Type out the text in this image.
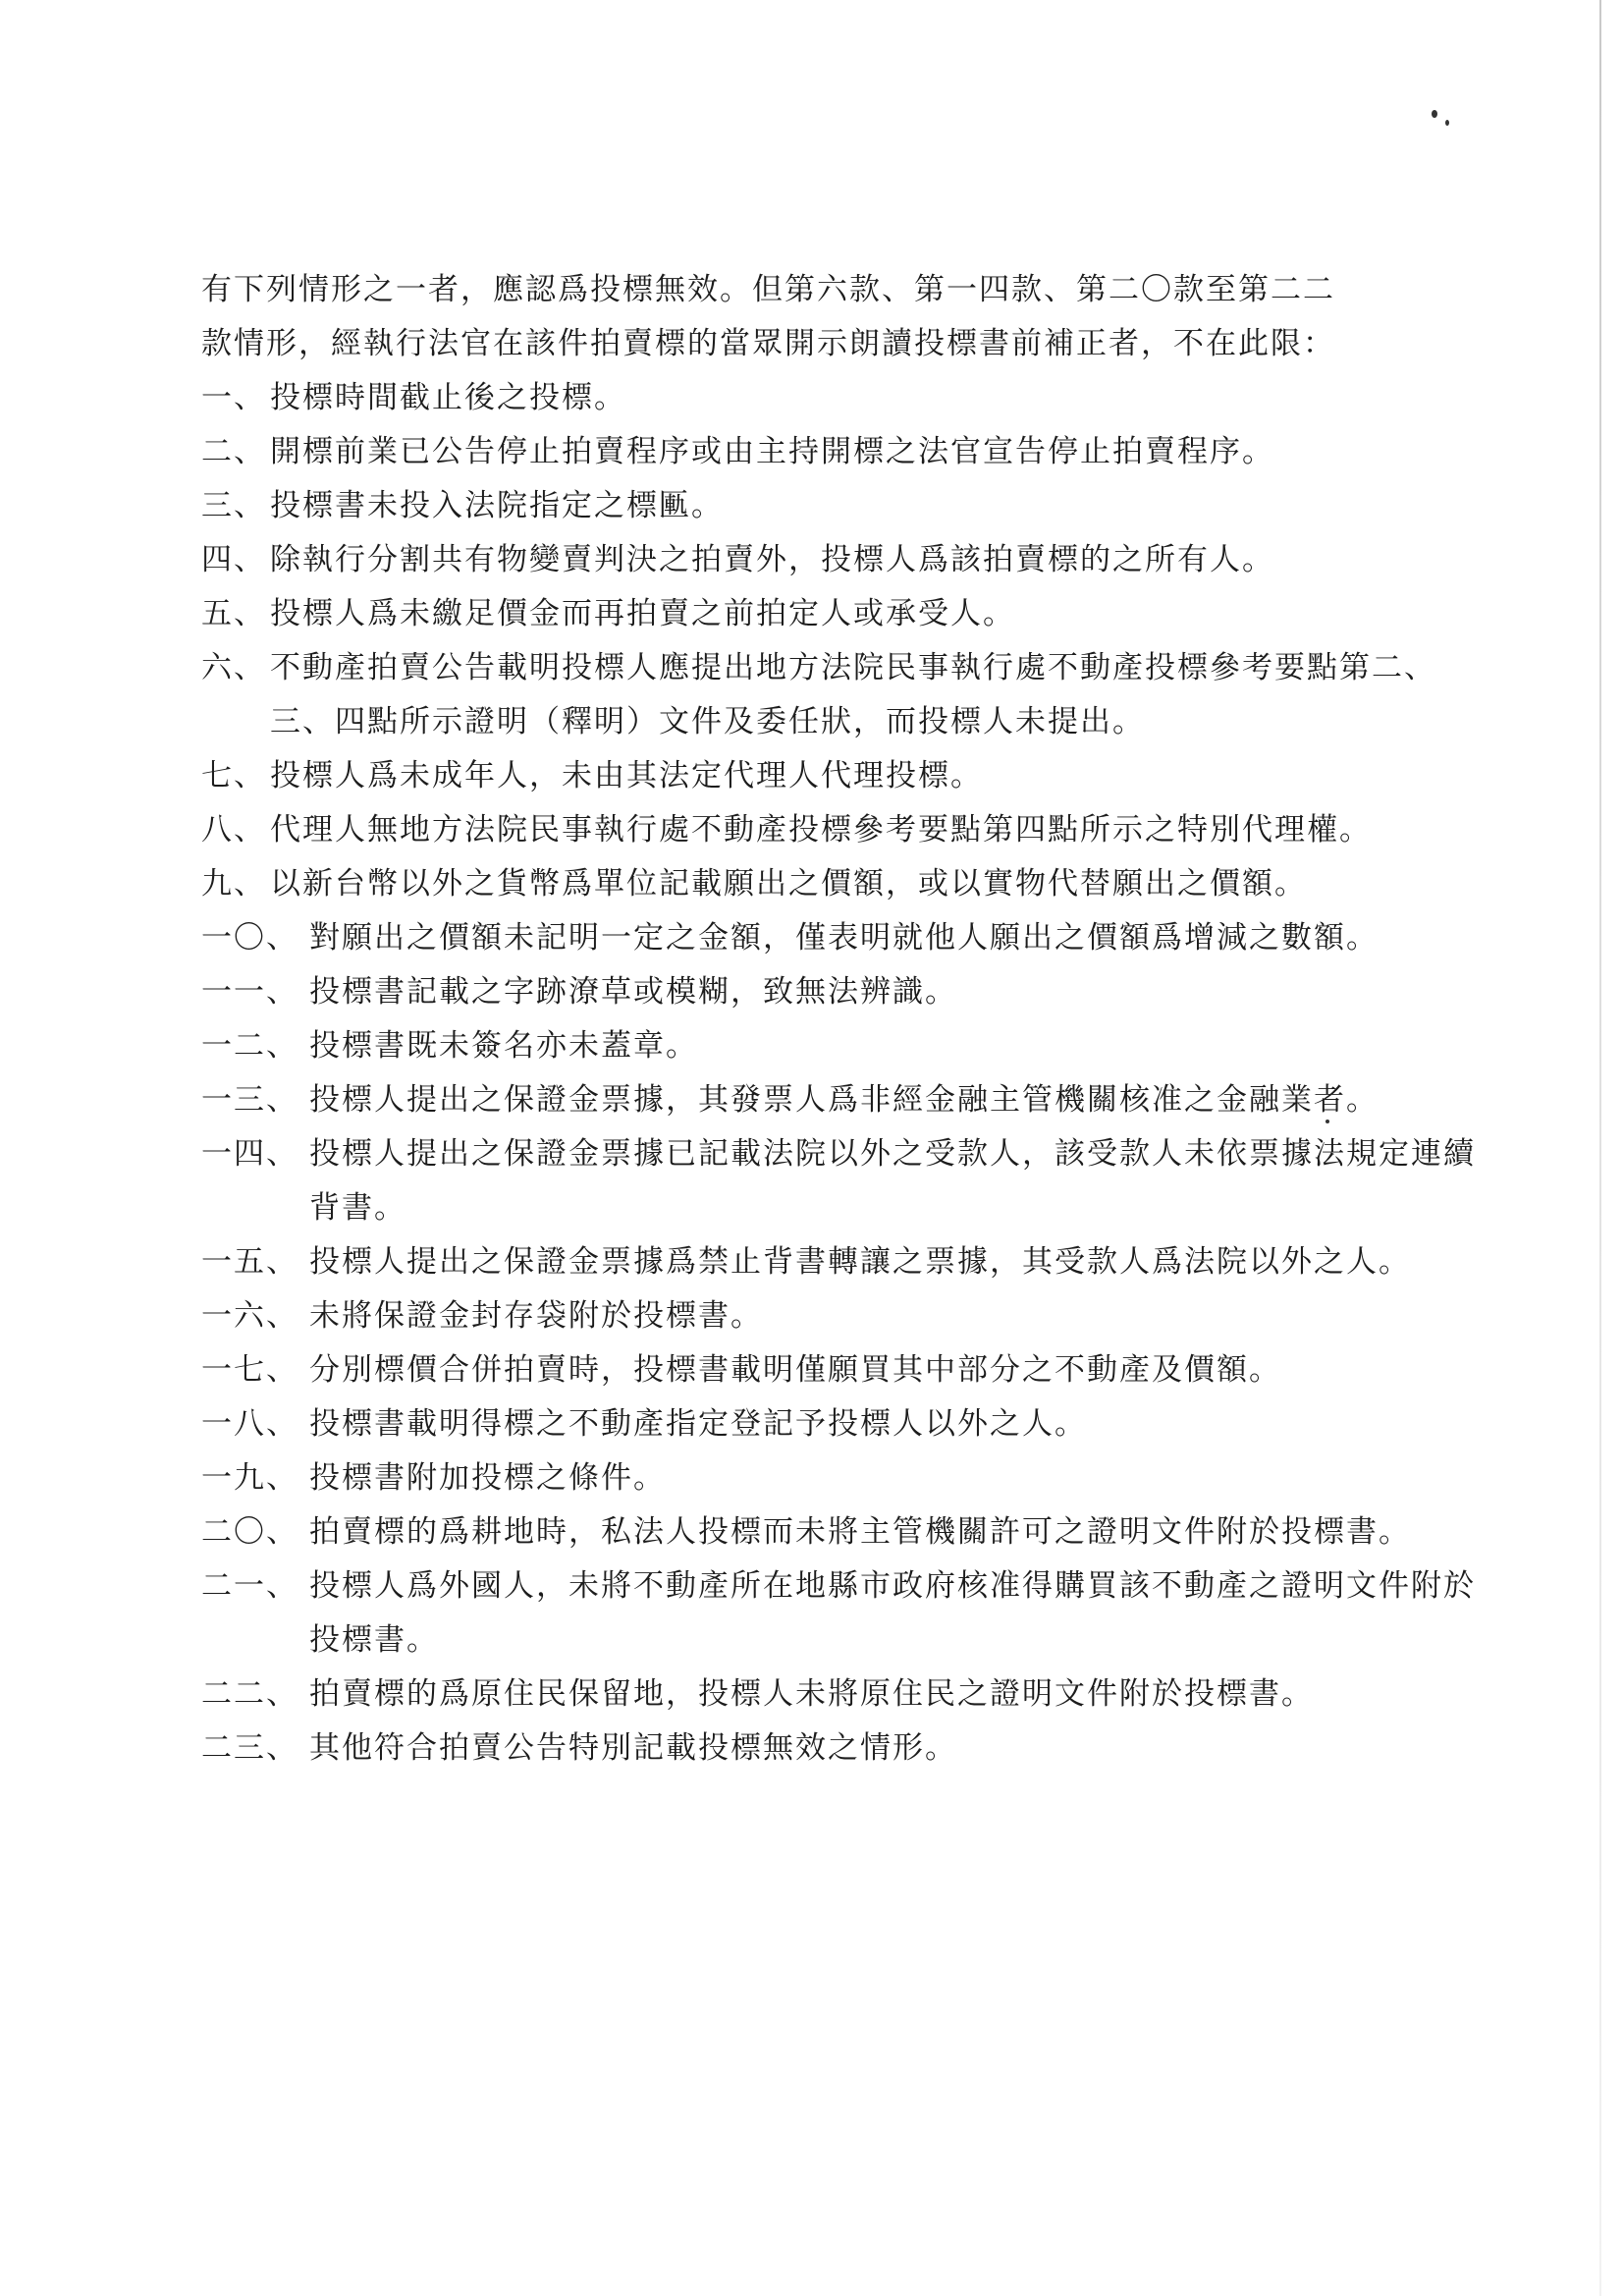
有下列情形之一者，應認爲投標無效。但第六款、第一四款、第二〇款至第二二
款情形，經執行法官在該件拍賣標的當眾開示朗讀投標書前補正者，不在此限：
一、 投標時間截止後之投標。
二、 開標前業已公告停止拍賣程序或由主持開標之法官宣告停止拍賣程序。
三、 投標書未投入法院指定之標匭。
四、 除執行分割共有物變賣判決之拍賣外，投標人爲該拍賣標的之所有人。
五、 投標人爲未繳足價金而再拍賣之前拍定人或承受人。
六、 不動產拍賣公告載明投標人應提出地方法院民事執行處不動產投標參考要點第二、三、四點所示證明（釋明）文件及委任狀，而投標人未提出。
七、 投標人爲未成年人，未由其法定代理人代理投標。
八、 代理人無地方法院民事執行處不動產投標參考要點第四點所示之特別代理權。
九、 以新台幣以外之貨幣爲單位記載願出之價額，或以實物代替願出之價額。
一〇、 對願出之價額未記明一定之金額，僅表明就他人願出之價額爲增減之數額。
一一、 投標書記載之字跡潦草或模糊，致無法辨識。
一二、 投標書既未簽名亦未蓋章。
一三、 投標人提出之保證金票據，其發票人爲非經金融主管機關核准之金融業者。
一四、 投標人提出之保證金票據已記載法院以外之受款人，該受款人未依票據法規定連續背書。
一五、 投標人提出之保證金票據爲禁止背書轉讓之票據，其受款人爲法院以外之人。
一六、 未將保證金封存袋附於投標書。
一七、 分別標價合併拍賣時，投標書載明僅願買其中部分之不動產及價額。
一八、 投標書載明得標之不動產指定登記予投標人以外之人。
一九、 投標書附加投標之條件。
二〇、 拍賣標的爲耕地時，私法人投標而未將主管機關許可之證明文件附於投標書。
二一、 投標人爲外國人，未將不動產所在地縣市政府核准得購買該不動產之證明文件附於投標書。
二二、 拍賣標的爲原住民保留地，投標人未將原住民之證明文件附於投標書。
二三、 其他符合拍賣公告特別記載投標無效之情形。
